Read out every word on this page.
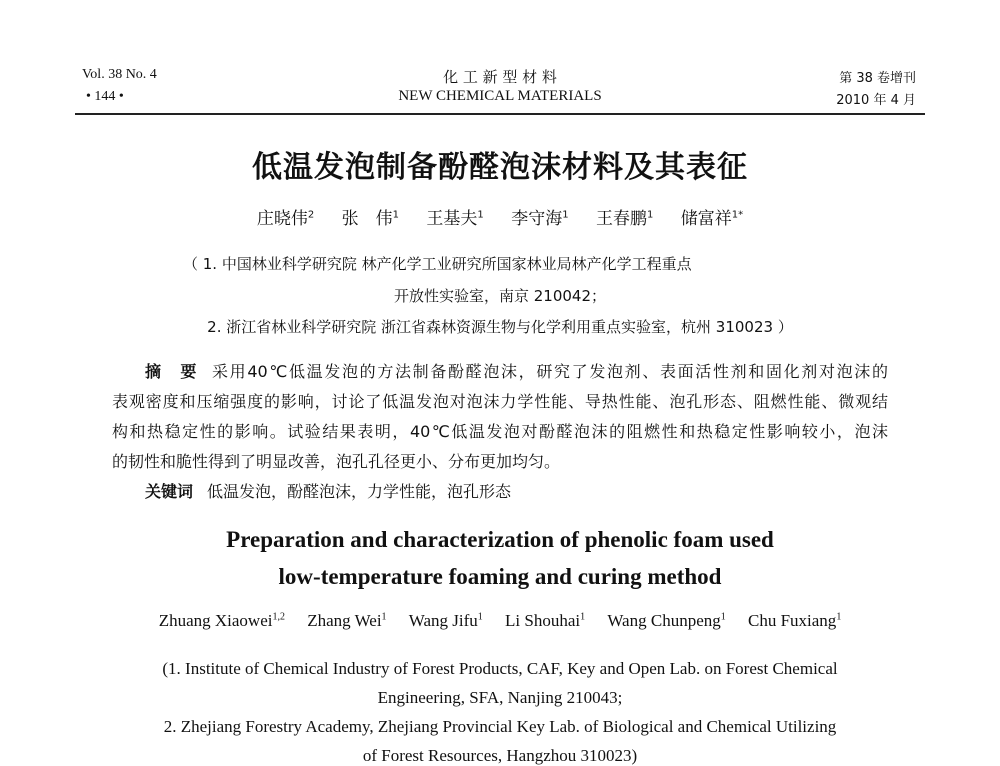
Vol. 38 No. 4
• 144 •
化 工 新 型 材 料
NEW CHEMICAL MATERIALS
第 38 卷增刊
2010 年 4 月
低温发泡制备酚醛泡沫材料及其表征
庄晓伟$^2$ 张　伟$^1$ 王基夫$^1$ 李守海$^1$ 王春鹏$^1$ 储富祥$^{1*}$
（ 1. 中国林业科学研究院 林产化学工业研究所国家林业局林产化学工程重点
开放性实验室，南京 210042；
2. 浙江省林业科学研究院 浙江省森林资源生物与化学利用重点实验室，杭州 310023 ）
摘　要 采用40℃低温发泡的方法制备酚醛泡沫，研究了发泡剂、表面活性剂和固化剂对泡沫的
表观密度和压缩强度的影响，讨论了低温发泡对泡沫力学性能、导热性能、泡孔形态、阻燃性能、微观结
构和热稳定性的影响。试验结果表明，40℃低温发泡对酚醛泡沫的阻燃性和热稳定性影响较小，泡沫
的韧性和脆性得到了明显改善，泡孔孔径更小、分布更加均匀。
关键词 低温发泡，酚醛泡沫，力学性能，泡孔形态
Preparation and characterization of phenolic foam used
low-temperature foaming and curing method
Zhuang Xiaowei$^{1,2}$ Zhang Wei$^1$ Wang Jifu$^1$ Li Shouhai$^1$ Wang Chunpeng$^1$ Chu Fuxiang$^1$
(1. Institute of Chemical Industry of Forest Products, CAF, Key and Open Lab. on Forest Chemical
Engineering, SFA, Nanjing 210043;
2. Zhejiang Forestry Academy, Zhejiang Provincial Key Lab. of Biological and Chemical Utilizing
of Forest Resources, Hangzhou 310023)
